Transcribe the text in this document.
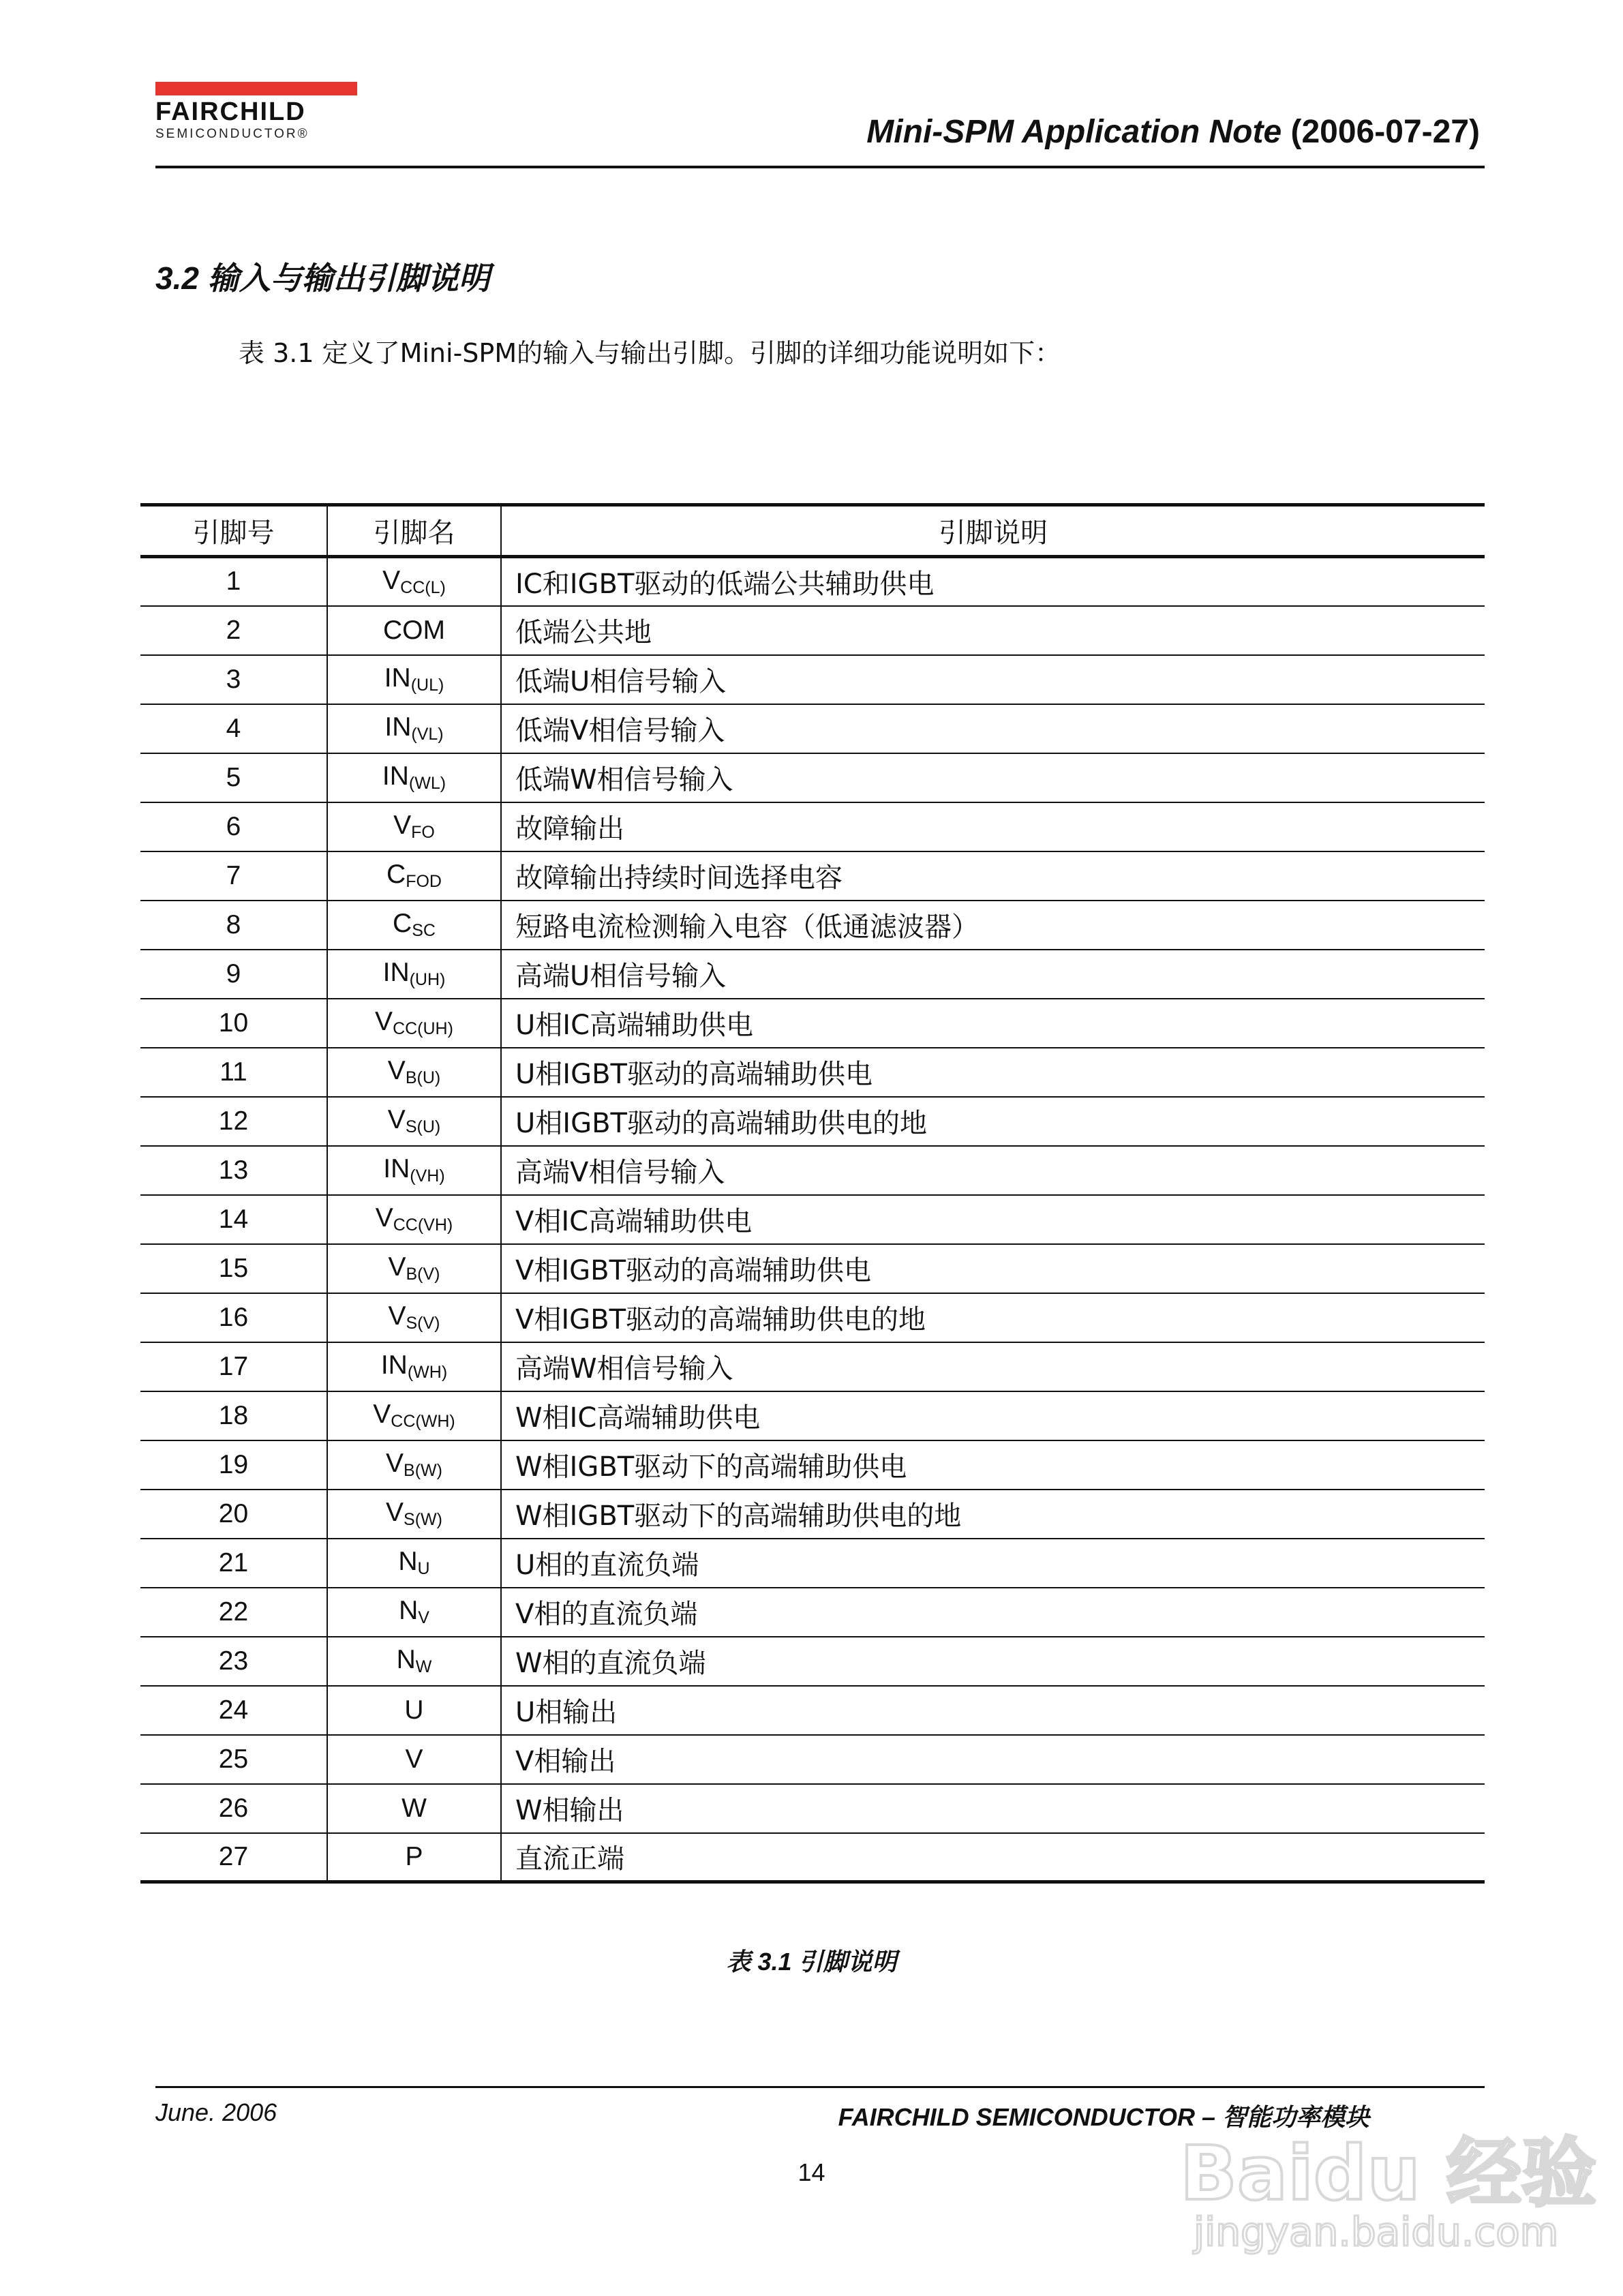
FAIRCHILD
SEMICONDUCTOR®	Mini-SPM Application Note (2006-07-27)
3.2 输入与输出引脚说明
表 3.1 定义了Mini-SPM的输入与输出引脚。引脚的详细功能说明如下：
引脚号	引脚名	引脚说明
1	$V_{CC(L)}$	IC和IGBT驱动的低端公共辅助供电
2	COM	低端公共地
3	$IN_{(UL)}$	低端U相信号输入
4	$IN_{(VL)}$	低端V相信号输入
5	$IN_{(WL)}$	低端W相信号输入
6	$V_{FO}$	故障输出
7	$C_{FOD}$	故障输出持续时间选择电容
8	$C_{SC}$	短路电流检测输入电容（低通滤波器）
9	$IN_{(UH)}$	高端U相信号输入
10	$V_{CC(UH)}$	U相IC高端辅助供电
11	$V_{B(U)}$	U相IGBT驱动的高端辅助供电
12	$V_{S(U)}$	U相IGBT驱动的高端辅助供电的地
13	$IN_{(VH)}$	高端V相信号输入
14	$V_{CC(VH)}$	V相IC高端辅助供电
15	$V_{B(V)}$	V相IGBT驱动的高端辅助供电
16	$V_{S(V)}$	V相IGBT驱动的高端辅助供电的地
17	$IN_{(WH)}$	高端W相信号输入
18	$V_{CC(WH)}$	W相IC高端辅助供电
19	$V_{B(W)}$	W相IGBT驱动下的高端辅助供电
20	$V_{S(W)}$	W相IGBT驱动下的高端辅助供电的地
21	$N_U$	U相的直流负端
22	$N_V$	V相的直流负端
23	$N_W$	W相的直流负端
24	U	U相输出
25	V	V相输出
26	W	W相输出
27	P	直流正端
表 3.1 引脚说明
June. 2006	FAIRCHILD SEMICONDUCTOR – 智能功率模块
14	Baidu 经验
jingyan.baidu.com
